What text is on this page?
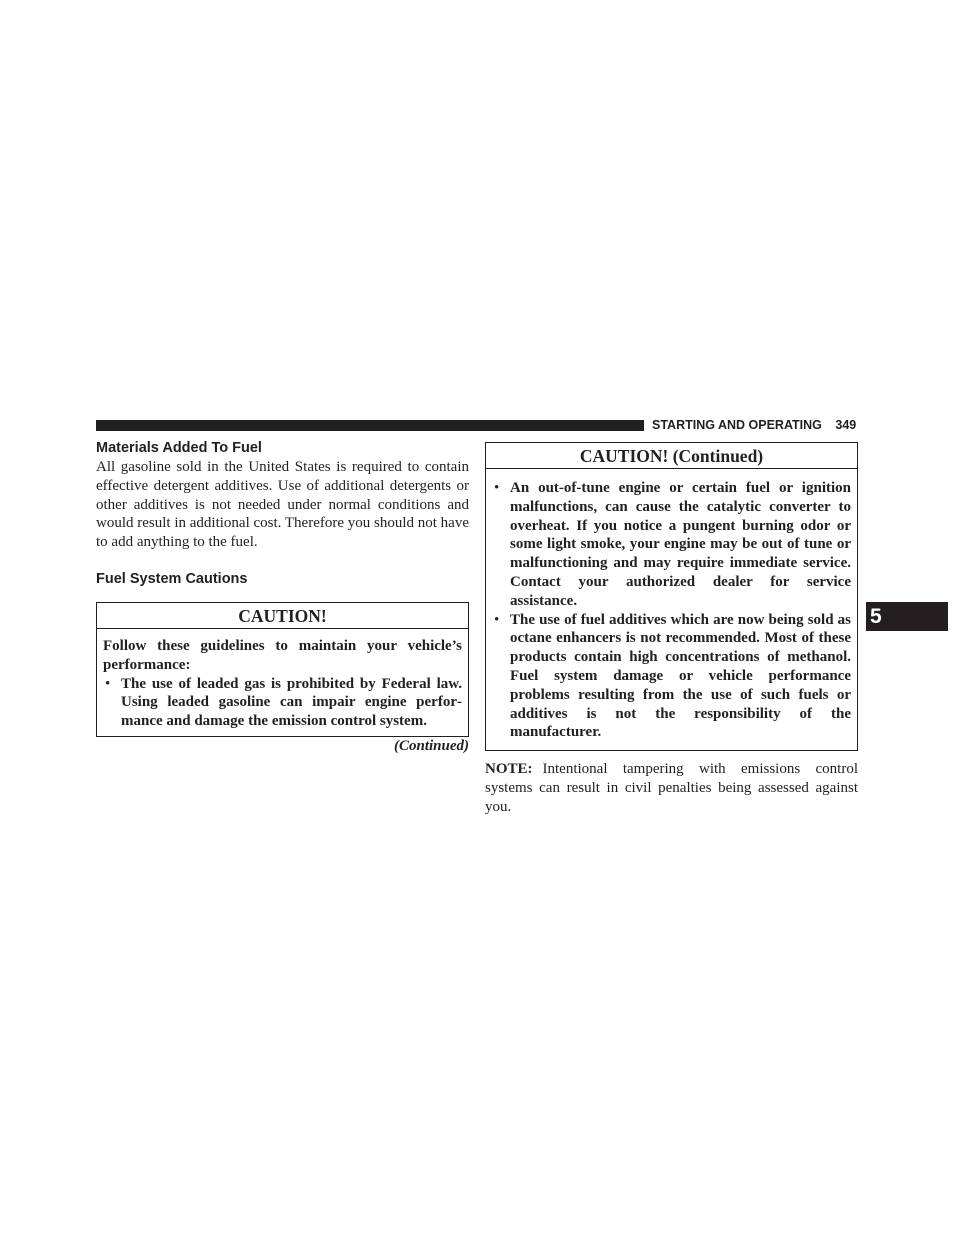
STARTING AND OPERATING 349
5
Materials Added To Fuel

All gasoline sold in the United States is required to contain effective detergent additives. Use of additional detergents or other additives is not needed under normal conditions and would result in additional cost. Therefore you should not have to add anything to the fuel.

Fuel System Cautions
CAUTION!

Follow these guidelines to maintain your vehicle’s performance:

• The use of leaded gas is prohibited by Federal law. Using leaded gasoline can impair engine performance and damage the emission control system.
(Continued)
CAUTION! (Continued)
• An out-of-tune engine or certain fuel or ignition malfunctions, can cause the catalytic converter to overheat. If you notice a pungent burning odor or some light smoke, your engine may be out of tune or malfunctioning and may require immediate service. Contact your authorized dealer for service assistance.
• The use of fuel additives which are now being sold as octane enhancers is not recommended. Most of these products contain high concentrations of methanol. Fuel system damage or vehicle performance problems resulting from the use of such fuels or additives is not the responsibility of the manufacturer.

NOTE: Intentional tampering with emissions control systems can result in civil penalties being assessed against you.
